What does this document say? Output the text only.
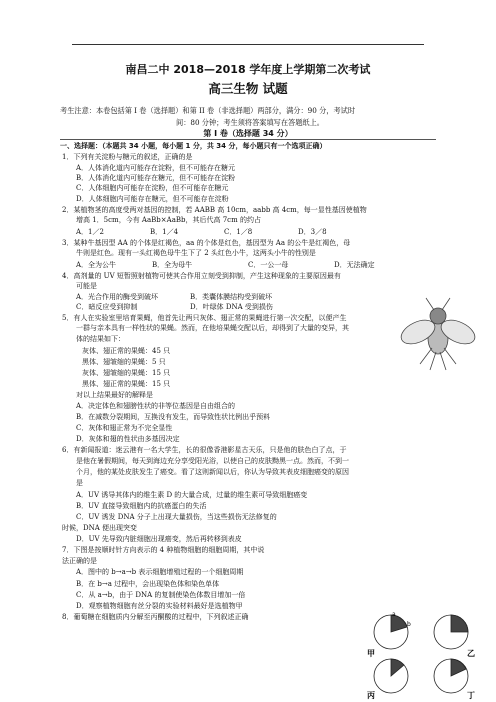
南昌二中 2018—2018 学年度上学期第二次考试
高三生物 试题
考生注意：本卷包括第 I 卷（选择题）和第 II 卷（非选择题）两部分，满分：90 分，考试时
间：80 分钟；考生须将答案填写在答题纸上。
第 I 卷（选择题 34 分）
一、选择题：（本题共 34 小题，每小题 1 分，共 34 分，每小题只有一个选项正确）
1．下列有关淀粉与糖元的叙述，正确的是
A．人体消化道内可能存在淀粉，但不可能存在糖元
B．人体消化道内可能存在糖元，但不可能存在淀粉
C．人体细胞内可能存在淀粉，但不可能存在糖元
D．人体细胞内可能存在糖元，但不可能存在淀粉
2．某植物茎的高度受两对基因的控制，若 AABB 高 10cm，aabb 高 4cm，每一显性基因使植物
增高 1．5cm，今有 AaBb×AaBb，其后代高 7cm 的约占
A．1／2	B．1／4	C．1／8	D．3／8
3．某种牛基因型 AA 的个体是红褐色，aa 的个体是红色，基因型为 Aa 的公牛是红褐色，母
牛则是红色。现有一头红褐色母牛生下了 2 头红色小牛，这两头小牛的性别是
A．全为公牛	B．全为母牛	C．一公一母	D．无法确定
4．高剂量的 UV 短暂照射植物可使其合作用立刻受到抑制，产生这种现象的主要原因最有
可能是
A．光合作用的酶受到破坏	B．类囊体膜结构受到破坏
C．暗反应受到抑制	D．叶绿体 DNA 受到损伤
5．有人在实验室里培育果蝇，他首先让两只灰体、翅正常的果蝇进行第一次交配，以便产生
一群与亲本具有一样性状的果蝇。然而，在他培果蝇交配以后，却得到了大量的变异，其
体的结果如下：
灰体、翅正常的果蝇：45 只
黑体、翅皱缩的果蝇：5 只
灰体、翅皱缩的果蝇：15 只
黑体、翅正常的果蝇：15 只
对以上结果最好的解释是
A．决定体色和翅膀性状的非等位基因是自由组合的
B．在减数分裂期间，互换没有发生，而导致性状比例出乎预料
C．灰体和翅正常为不完全显性
D．灰体和翅的性状由多基因决定
6．有新闻报道：迷云港有一名大学生，长的很像香港影星古天乐，只是他的肤色白了点，于
是他在暑假期间，每天到海边充分享受阳光浴，以使自己的皮肤黝黑一点。然而，不到一
个月，他的某处皮肤发生了癌变。看了这则新闻以后，你认为导致其表皮细胞癌变的原因
是
A．UV 诱导其体内的维生素 D 的大量合成，过量的维生素可导致细胞癌变
B．UV 直接导致细胞内的抗癌蛋白的失活
C．UV 诱发 DNA 分子上出现大量损伤，当这些损伤无法修复的
时候，DNA 便出现突变
D．UV 先导致内脏细胞出现癌变，然后再转移到表皮
7．下图是按顺时针方向表示的 4 种植物细胞的细胞周期，其中说
法正确的是
A．图中的 b→a→b 表示细胞增殖过程的一个细胞周期
B．在 b→a 过程中，会出现染色体和染色单体
C．从 a→b，由于 DNA 的复制使染色体数目增加一倍
D．观察植物细胞有丝分裂的实验材料最好是选植物甲
8．葡萄糖在细胞质内分解至丙酮酸的过程中，下列叙述正确
甲	乙
丙	丁
a
b
